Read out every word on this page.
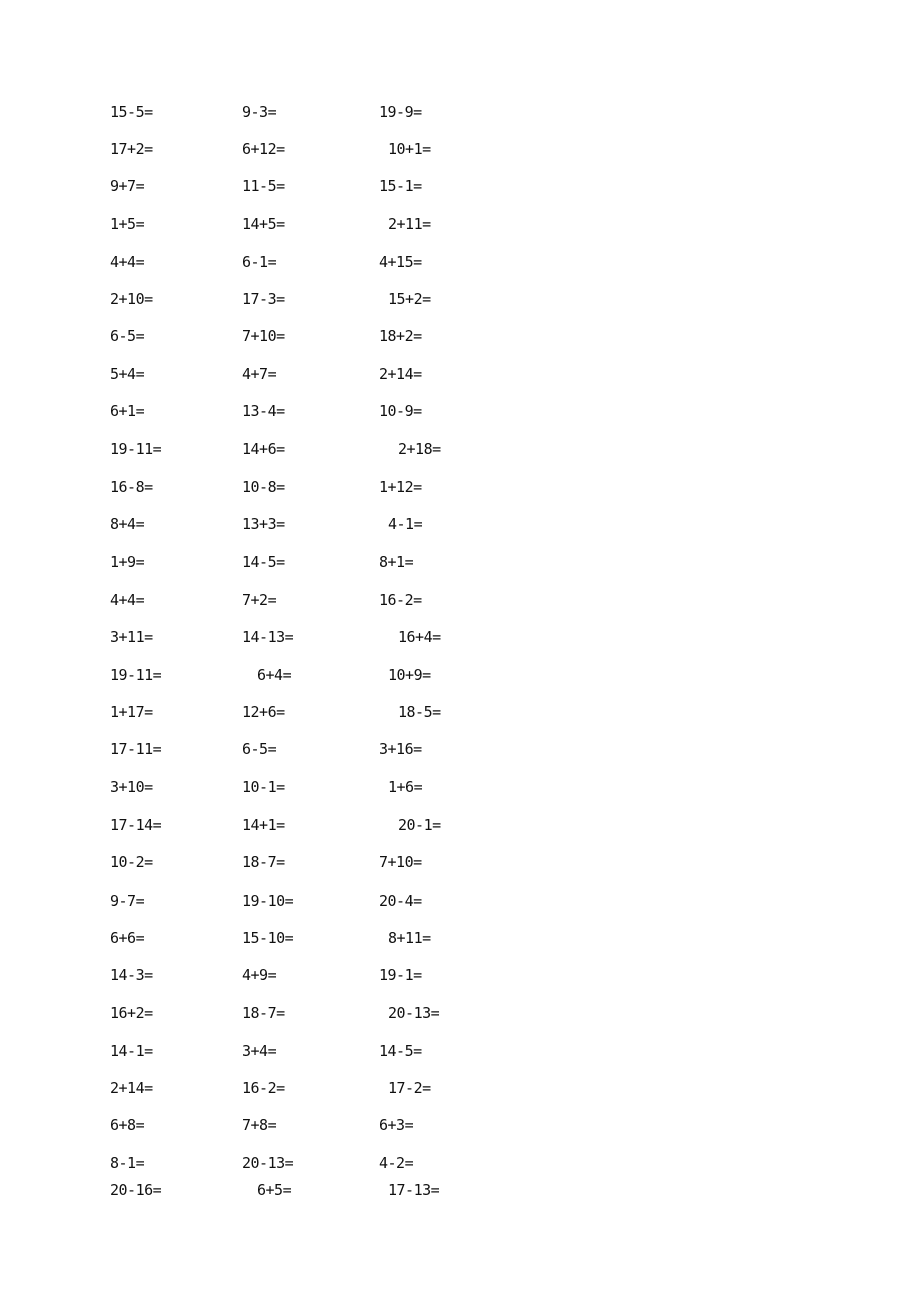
15-5=	9-3=	19-9=
17+2=	6+12=	10+1=
9+7=	11-5=	15-1=
1+5=	14+5=	2+11=
4+4=	6-1=	4+15=
2+10=	17-3=	15+2=
6-5=	7+10=	18+2=
5+4=	4+7=	2+14=
6+1=	13-4=	10-9=
19-11=	14+6=	2+18=
16-8=	10-8=	1+12=
8+4=	13+3=	4-1=
1+9=	14-5=	8+1=
4+4=	7+2=	16-2=
3+11=	14-13=	16+4=
19-11=	6+4=	10+9=
1+17=	12+6=	18-5=
17-11=	6-5=	3+16=
3+10=	10-1=	1+6=
17-14=	14+1=	20-1=
10-2=	18-7=	7+10=
9-7=	19-10=	20-4=
6+6=	15-10=	8+11=
14-3=	4+9=	19-1=
16+2=	18-7=	20-13=
14-1=	3+4=	14-5=
2+14=	16-2=	17-2=
6+8=	7+8=	6+3=
8-1=	20-13=	4-2=
20-16=	6+5=	17-13=
